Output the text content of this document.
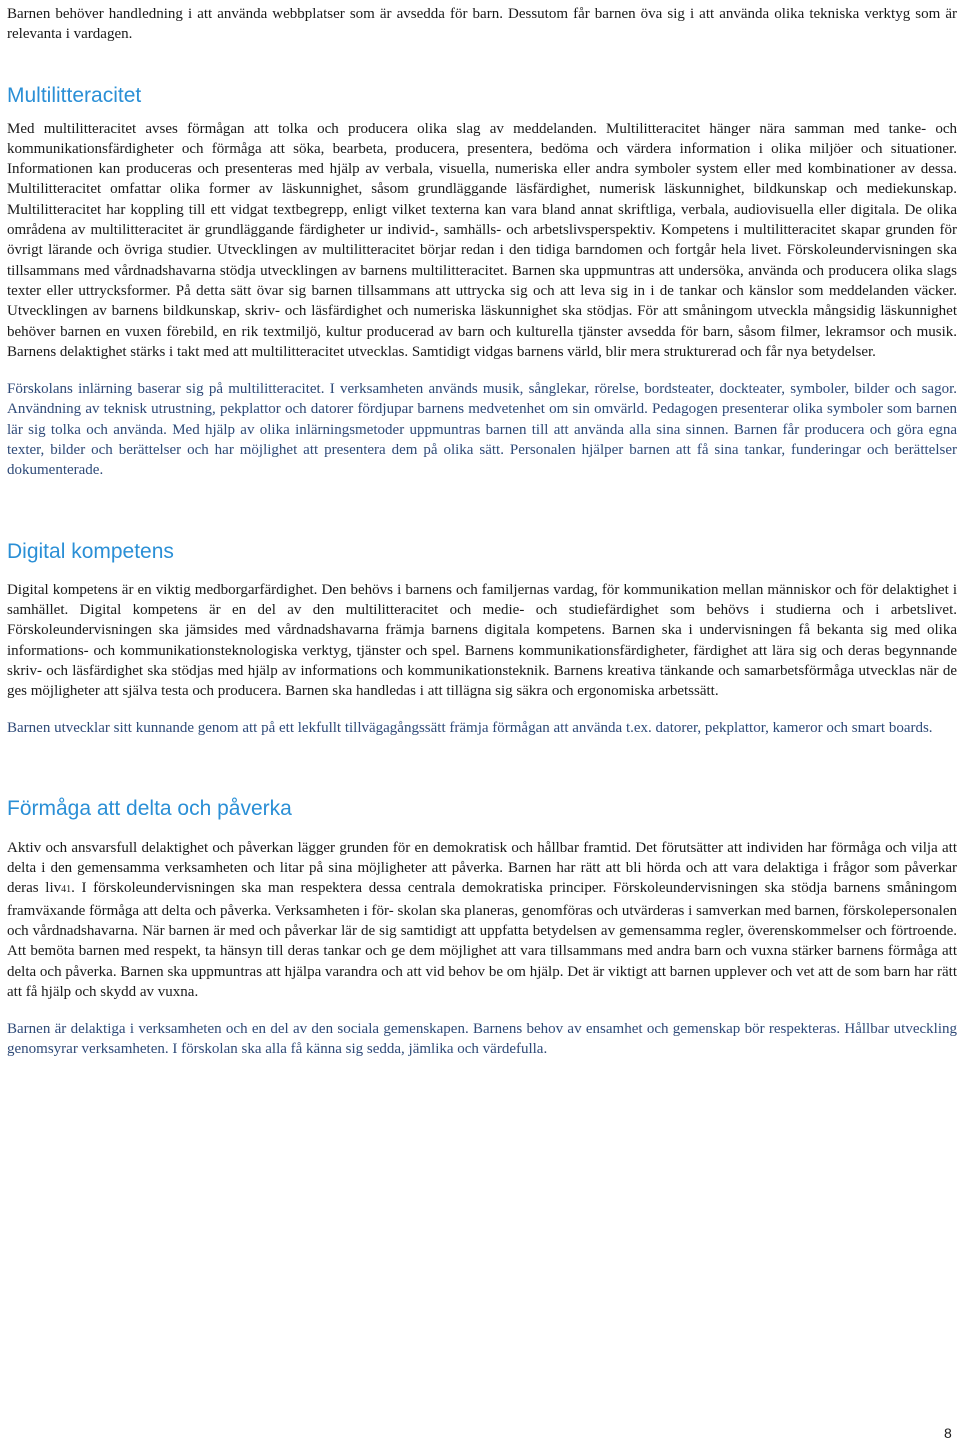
Barnen behöver handledning i att använda webbplatser som är avsedda för barn. Dessutom får barnen öva sig i att använda olika tekniska verktyg som är relevanta i vardagen.

Multilitteracitet

Med multilitteracitet avses förmågan att tolka och producera olika slag av meddelanden. Multilitteracitet hänger nära samman med tanke- och kommunikationsfärdigheter och förmåga att söka, bearbeta, producera, presentera, bedöma och värdera information i olika miljöer och situationer. Informationen kan produceras och presenteras med hjälp av verbala, visuella, numeriska eller andra symboler system eller med kombinationer av dessa. Multilitteracitet omfattar olika former av läskunnighet, såsom grundläggande läsfärdighet, numerisk läskunnighet, bildkunskap och mediekunskap. Multilitteracitet har koppling till ett vidgat textbegrepp, enligt vilket texterna kan vara bland annat skriftliga, verbala, audiovisuella eller digitala. De olika områdena av multilitteracitet är grundläggande färdigheter ur individ-, samhälls- och arbetslivsperspektiv. Kompetens i multilitteracitet skapar grunden för övrigt lärande och övriga studier. Utvecklingen av multilitteracitet börjar redan i den tidiga barndomen och fortgår hela livet. Förskoleundervisningen ska tillsammans med vårdnadshavarna stödja utvecklingen av barnens multilitteracitet. Barnen ska uppmuntras att undersöka, använda och producera olika slags texter eller uttrycksformer. På detta sätt övar sig barnen tillsammans att uttrycka sig och att leva sig in i de tankar och känslor som meddelanden väcker. Utvecklingen av barnens bildkunskap, skriv- och läsfärdighet och numeriska läskunnighet ska stödjas. För att småningom utveckla mångsidig läskunnighet behöver barnen en vuxen förebild, en rik textmiljö, kultur producerad av barn och kulturella tjänster avsedda för barn, såsom filmer, lekramsor och musik. Barnens delaktighet stärks i takt med att multilitteracitet utvecklas. Samtidigt vidgas barnens värld, blir mera strukturerad och får nya betydelser.

Förskolans inlärning baserar sig på multilitteracitet. I verksamheten används musik, sånglekar, rörelse, bordsteater, dockteater, symboler, bilder och sagor. Användning av teknisk utrustning, pekplattor och datorer fördjupar barnens medvetenhet om sin omvärld. Pedagogen presenterar olika symboler som barnen lär sig tolka och använda. Med hjälp av olika inlärningsmetoder uppmuntras barnen till att använda alla sina sinnen. Barnen får producera och göra egna texter, bilder och berättelser och har möjlighet att presentera dem på olika sätt. Personalen hjälper barnen att få sina tankar, funderingar och berättelser dokumenterade.

Digital kompetens

Digital kompetens är en viktig medborgarfärdighet. Den behövs i barnens och familjernas vardag, för kommunikation mellan människor och för delaktighet i samhället. Digital kompetens är en del av den multilitteracitet och medie- och studiefärdighet som behövs i studierna och i arbetslivet. Förskoleundervisningen ska jämsides med vårdnadshavarna främja barnens digitala kompetens. Barnen ska i undervisningen få bekanta sig med olika informations- och kommunikationsteknologiska verktyg, tjänster och spel. Barnens kommunikationsfärdigheter, färdighet att lära sig och deras begynnande skriv- och läsfärdighet ska stödjas med hjälp av informations och kommunikationsteknik. Barnens kreativa tänkande och samarbetsförmåga utvecklas när de ges möjligheter att själva testa och producera. Barnen ska handledas i att tillägna sig säkra och ergonomiska arbetssätt.

Barnen utvecklar sitt kunnande genom att på ett lekfullt tillvägagångssätt främja förmågan att använda t.ex. datorer, pekplattor, kameror och smart boards.

Förmåga att delta och påverka

Aktiv och ansvarsfull delaktighet och påverkan lägger grunden för en demokratisk och hållbar framtid. Det förutsätter att individen har förmåga och vilja att delta i den gemensamma verksamheten och litar på sina möjligheter att påverka. Barnen har rätt att bli hörda och att vara delaktiga i frågor som påverkar deras liv41. I förskoleundervisningen ska man respektera dessa centrala demokratiska principer. Förskoleundervisningen ska stödja barnens småningom framväxande förmåga att delta och påverka. Verksamheten i för- skolan ska planeras, genomföras och utvärderas i samverkan med barnen, förskolepersonalen och vårdnadshavarna. När barnen är med och påverkar lär de sig samtidigt att uppfatta betydelsen av gemensamma regler, överenskommelser och förtroende. Att bemöta barnen med respekt, ta hänsyn till deras tankar och ge dem möjlighet att vara tillsammans med andra barn och vuxna stärker barnens förmåga att delta och påverka. Barnen ska uppmuntras att hjälpa varandra och att vid behov be om hjälp. Det är viktigt att barnen upplever och vet att de som barn har rätt att få hjälp och skydd av vuxna.

Barnen är delaktiga i verksamheten och en del av den sociala gemenskapen. Barnens behov av ensamhet och gemenskap bör respekteras. Hållbar utveckling genomsyrar verksamheten. I förskolan ska alla få känna sig sedda, jämlika och värdefulla.

8
